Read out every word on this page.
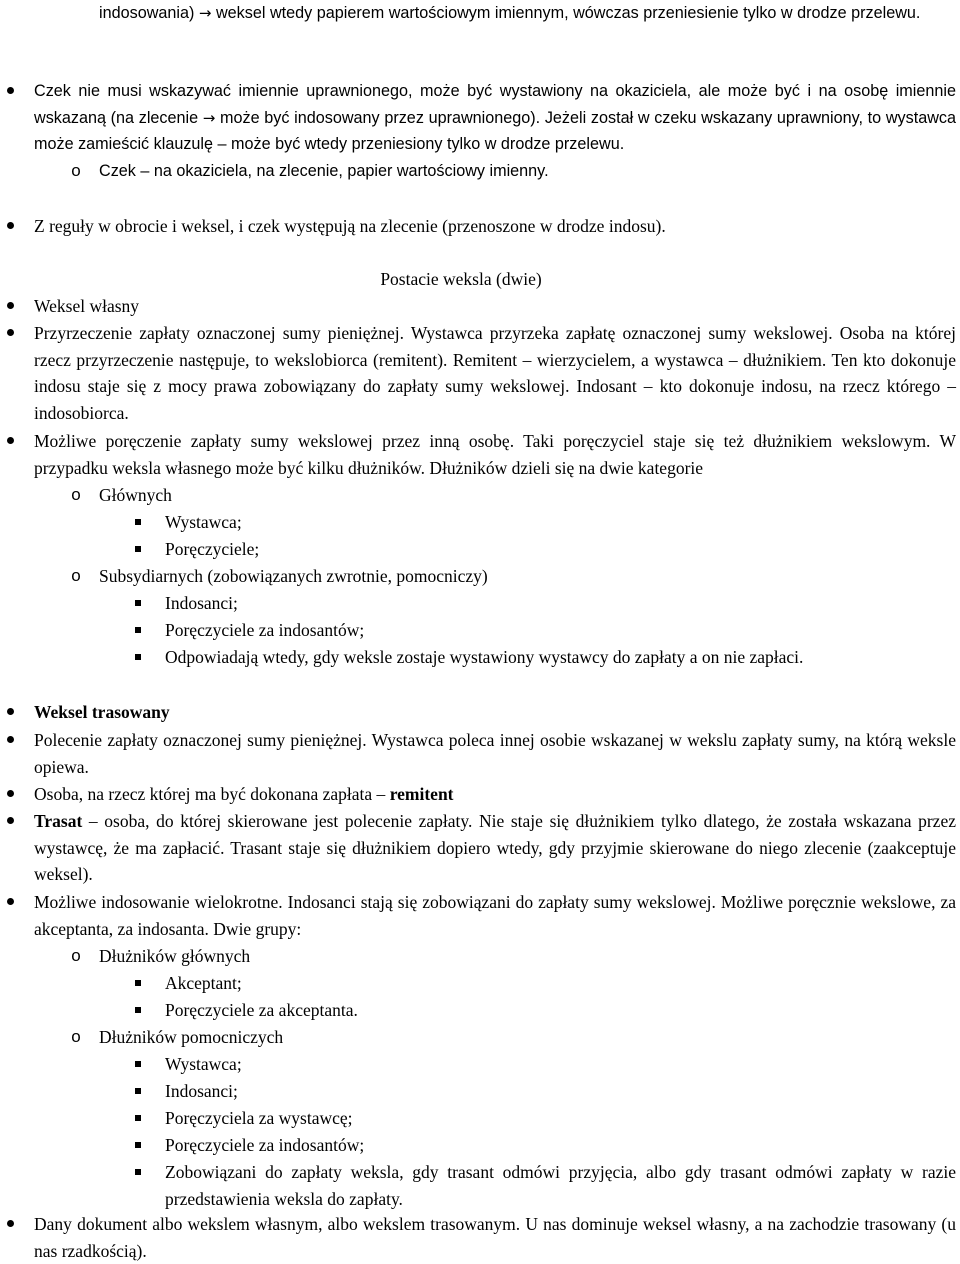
indosowania) → weksel wtedy papierem wartościowym imiennym, wówczas przeniesienie tylko w drodze przelewu.

Czek nie musi wskazywać imiennie uprawnionego, może być wystawiony na okaziciela, ale może być i na osobę imiennie wskazaną (na zlecenie → może być indosowany przez uprawnionego). Jeżeli został w czeku wskazany uprawniony, to wystawca może zamieścić klauzulę – może być wtedy przeniesiony tylko w drodze przelewu.

o	Czek – na okaziciela, na zlecenie, papier wartościowy imienny.

Z reguły w obrocie i weksel, i czek występują na zlecenie (przenoszone w drodze indosu).

Postacie weksla (dwie)

Weksel własny

Przyrzeczenie zapłaty oznaczonej sumy pieniężnej. Wystawca przyrzeka zapłatę oznaczonej sumy wekslowej. Osoba na której rzecz przyrzeczenie następuje, to wekslobiorca (remitent). Remitent – wierzycielem, a wystawca – dłużnikiem. Ten kto dokonuje indosu staje się z mocy prawa zobowiązany do zapłaty sumy wekslowej. Indosant – kto dokonuje indosu, na rzecz którego – indosobiorca.

Możliwe poręczenie zapłaty sumy wekslowej przez inną osobę. Taki poręczyciel staje się też dłużnikiem wekslowym. W przypadku weksla własnego może być kilku dłużników. Dłużników dzieli się na dwie kategorie

o	Głównych

Wystawca;

Poręczyciele;

o	Subsydiarnych (zobowiązanych zwrotnie, pomocniczy)

Indosanci;

Poręczyciele za indosantów;

Odpowiadają wtedy, gdy weksle zostaje wystawiony wystawcy do zapłaty a on nie zapłaci.

Weksel trasowany

Polecenie zapłaty oznaczonej sumy pieniężnej. Wystawca poleca innej osobie wskazanej w wekslu zapłaty sumy, na którą weksle opiewa.

Osoba, na rzecz której ma być dokonana zapłata – remitent

Trasat – osoba, do której skierowane jest polecenie zapłaty. Nie staje się dłużnikiem tylko dlatego, że została wskazana przez wystawcę, że ma zapłacić. Trasant staje się dłużnikiem dopiero wtedy, gdy przyjmie skierowane do niego zlecenie (zaakceptuje weksel).

Możliwe indosowanie wielokrotne. Indosanci stają się zobowiązani do zapłaty sumy wekslowej. Możliwe poręcznie wekslowe, za akceptanta, za indosanta. Dwie grupy:

o	Dłużników głównych

Akceptant;

Poręczyciele za akceptanta.

o	Dłużników pomocniczych

Wystawca;

Indosanci;

Poręczyciela za wystawcę;

Poręczyciele za indosantów;

Zobowiązani do zapłaty weksla, gdy trasant odmówi przyjęcia, albo gdy trasant odmówi zapłaty w razie przedstawienia weksla do zapłaty.

Dany dokument albo wekslem własnym, albo wekslem trasowanym. U nas dominuje weksel własny, a na zachodzie trasowany (u nas rzadkością).
